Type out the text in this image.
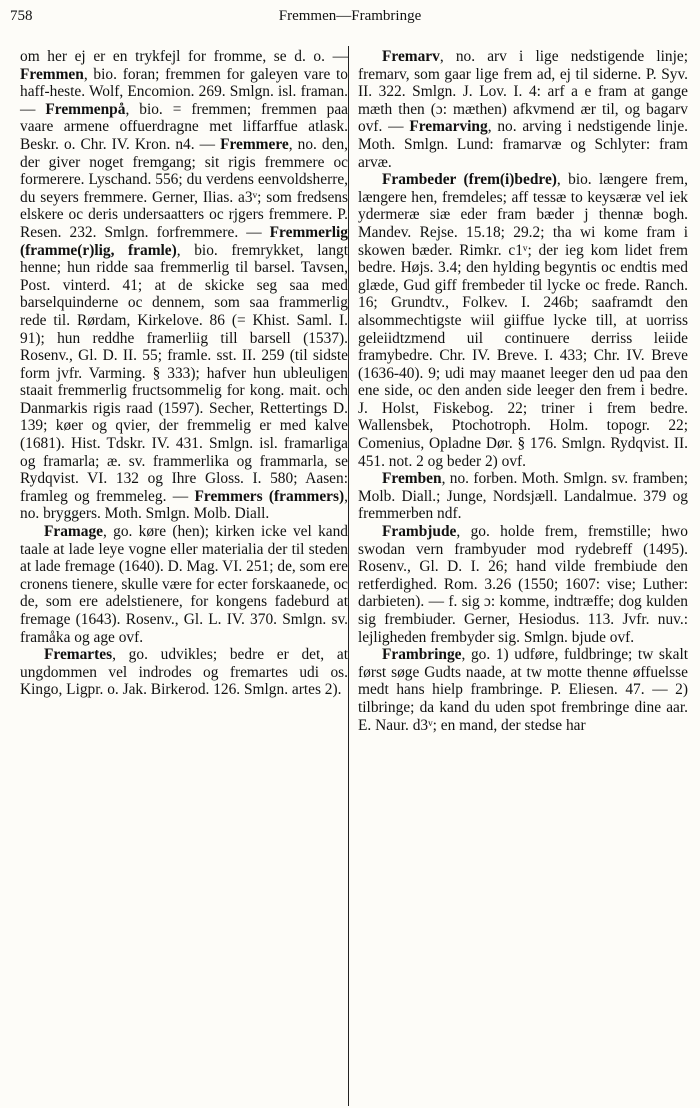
758	Fremmen—Frambringe

om her ej er en trykfejl for fromme, se d. o. — Fremmen, bio. foran; fremmen for galeyen vare to haff-heste. Wolf, Encomion. 269. Smlgn. isl. framan. — Fremmenpå, bio. = fremmen; fremmen paa vaare armene offuerdragne met liffarffue atlask. Beskr. o. Chr. IV. Kron. n4. — Fremmere, no. den, der giver noget fremgang; sit rigis fremmere oc formerere. Lyschand. 556; du verdens eenvoldsherre, du seyers fremmere. Gerner, Ilias. a3ᵛ; som fredsens elskere oc deris undersaatters oc rjgers fremmere. P. Resen. 232. Smlgn. forfremmere. — Fremmerlig (framme(r)lig, framle), bio. fremrykket, langt henne; hun ridde saa fremmerlig til barsel. Tavsen, Post. vinterd. 41; at de skicke seg saa med barselquinderne oc dennem, som saa frammerlig rede til. Rørdam, Kirkelove. 86 (= Khist. Saml. I. 91); hun reddhe framerliig till barsell (1537). Rosenv., Gl. D. II. 55; framle. sst. II. 259 (til sidste form jvfr. Varming. § 333); hafver hun ubleuligen staait fremmerlig fructsommelig for kong. mait. och Danmarkis rigis raad (1597). Secher, Rettertings D. 139; køer og qvier, der fremmelig er med kalve (1681). Hist. Tdskr. IV. 431. Smlgn. isl. framarliga og framarla; æ. sv. frammerlika og frammarla, se Rydqvist. VI. 132 og Ihre Gloss. I. 580; Aasen: framleg og fremmeleg. — Fremmers (frammers), no. bryggers. Moth. Smlgn. Molb. Diall.

Framage, go. køre (hen); kirken icke vel kand taale at lade leye vogne eller materialia der til steden at lade fremage (1640). D. Mag. VI. 251; de, som ere cronens tienere, skulle være for ecter forskaanede, oc de, som ere adelstienere, for kongens fadeburd at fremage (1643). Rosenv., Gl. L. IV. 370. Smlgn. sv. framåka og age ovf.

Fremartes, go. udvikles; bedre er det, at ungdommen vel indrodes og fremartes udi os. Kingo, Ligpr. o. Jak. Birkerod. 126. Smlgn. artes 2).

Fremarv, no. arv i lige nedstigende linje; fremarv, som gaar lige frem ad, ej til siderne. P. Syv. II. 322. Smlgn. J. Lov. I. 4: arf a e fram at gange mæth then (ɔ: mæthen) afkvmend ær til, og bagarv ovf. — Fremarving, no. arving i nedstigende linje. Moth. Smlgn. Lund: framarvæ og Schlyter: fram arvæ.

Frambeder (frem(i)bedre), bio. længere frem, længere hen, fremdeles; aff tessæ to keysæræ vel iek ydermeræ siæ eder fram bæder j thennæ bogh. Mandev. Rejse. 15.18; 29.2; tha wi kome fram i skowen bæder. Rimkr. c1ᵛ; der ieg kom lidet frem bedre. Højs. 3.4; den hylding begyntis oc endtis med glæde, Gud giff frembeder til lycke oc frede. Ranch. 16; Grundtv., Folkev. I. 246b; saaframdt den alsommechtigste wiil giiffue lycke till, at uorriss geleiidtzmend uil continuere derriss leiide framybedre. Chr. IV. Breve. I. 433; Chr. IV. Breve (1636-40). 9; udi may maanet leeger den ud paa den ene side, oc den anden side leeger den frem i bedre. J. Holst, Fiskebog. 22; triner i frem bedre. Wallensbek, Ptochotroph. Holm. topogr. 22; Comenius, Opladne Dør. § 176. Smlgn. Rydqvist. II. 451. not. 2 og beder 2) ovf.

Fremben, no. forben. Moth. Smlgn. sv. framben; Molb. Diall.; Junge, Nordsjæll. Landalmue. 379 og fremmerben ndf.

Frambjude, go. holde frem, fremstille; hwo swodan vern frambyuder mod rydebreff (1495). Rosenv., Gl. D. I. 26; hand vilde frembiude den retferdighed. Rom. 3.26 (1550; 1607: vise; Luther: darbieten). — f. sig ɔ: komme, indtræffe; dog kulden sig frembiuder. Gerner, Hesiodus. 113. Jvfr. nuv.: lejligheden frembyder sig. Smlgn. bjude ovf.

Frambringe, go. 1) udføre, fuldbringe; tw skalt først søge Gudts naade, at tw motte thenne øffuelsse medt hans hielp frambringe. P. Eliesen. 47. — 2) tilbringe; da kand du uden spot frembringe dine aar. E. Naur. d3ᵛ; en mand, der stedse har
